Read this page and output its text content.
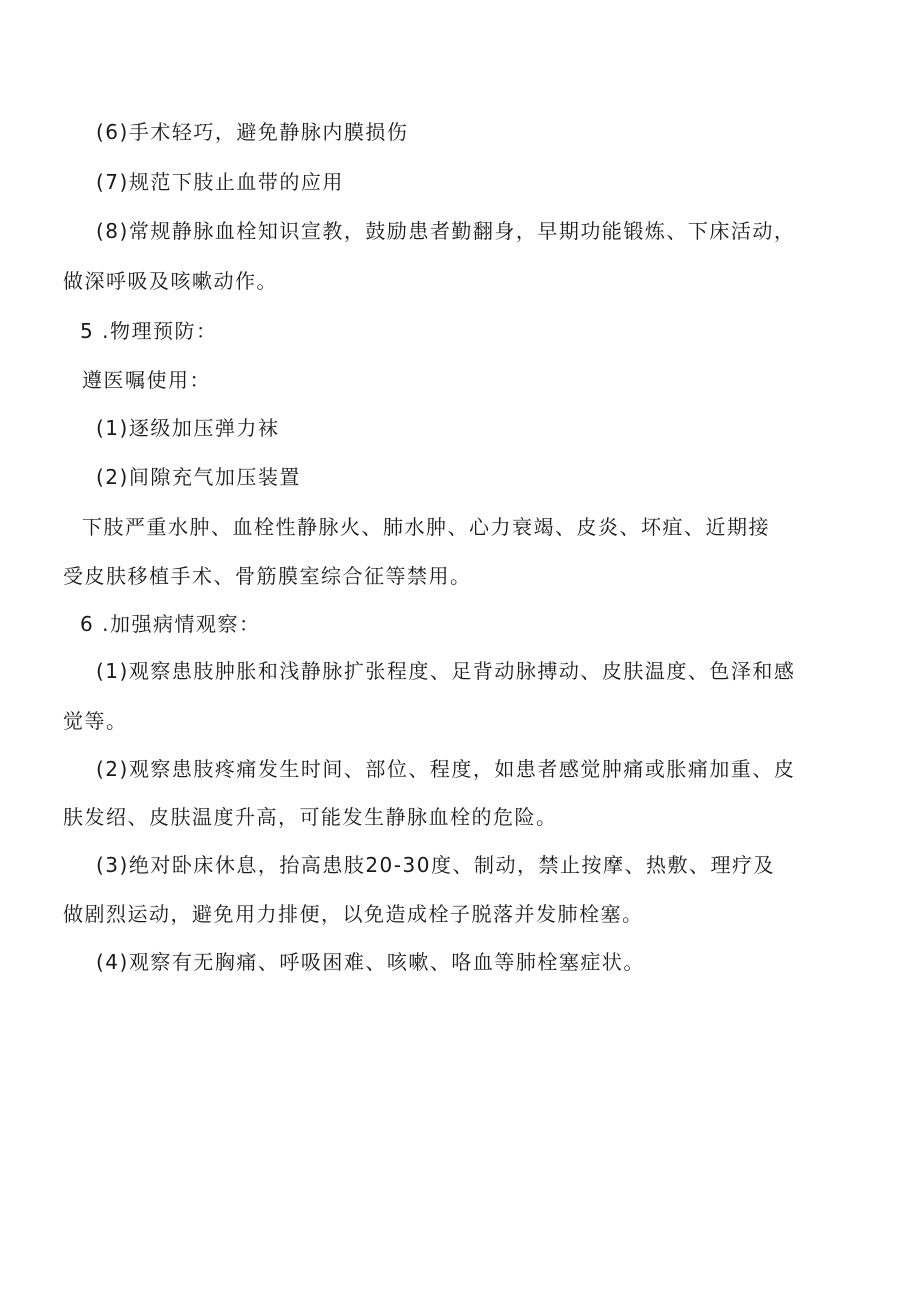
(6)手术轻巧，避免静脉内膜损伤
(7)规范下肢止血带的应用
(8)常规静脉血栓知识宣教，鼓励患者勤翻身，早期功能锻炼、下床活动，
做深呼吸及咳嗽动作。
5 .物理预防：
遵医嘱使用：
(1)逐级加压弹力袜
(2)间隙充气加压装置
下肢严重水肿、血栓性静脉火、肺水肿、心力衰竭、皮炎、坏疽、近期接
受皮肤移植手术、骨筋膜室综合征等禁用。
6 .加强病情观察：
(1)观察患肢肿胀和浅静脉扩张程度、足背动脉搏动、皮肤温度、色泽和感
觉等。
(2)观察患肢疼痛发生时间、部位、程度，如患者感觉肿痛或胀痛加重、皮
肤发绍、皮肤温度升高，可能发生静脉血栓的危险。
(3)绝对卧床休息，抬高患肢20-30度、制动，禁止按摩、热敷、理疗及
做剧烈运动，避免用力排便，以免造成栓子脱落并发肺栓塞。
(4)观察有无胸痛、呼吸困难、咳嗽、咯血等肺栓塞症状。
